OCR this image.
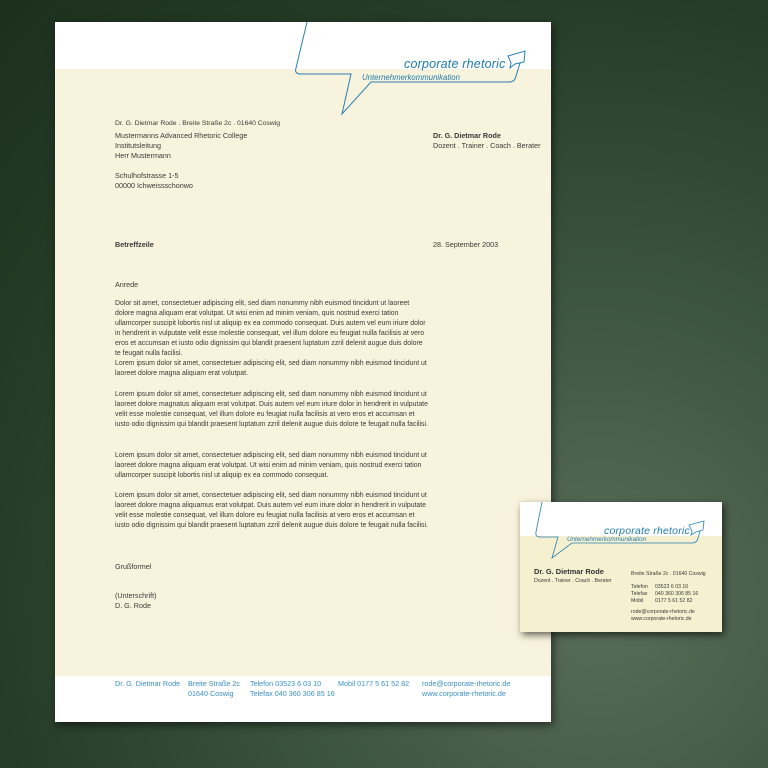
corporate rhetoric
Unternehmerkommunikation
Dr. G. Dietmar Rode . Breite Straße 2c . 01640 Coswig
Mustermanns Advanced Rhetoric College
Institutsleitung
Herr Mustermann
Schulhofstrasse 1-5
00000 Ichweissschonwo
Dr. G. Dietmar Rode
Dozent . Trainer . Coach . Berater
Betreffzeile	28. September 2003
Anrede
Dolor sit amet, consectetuer adipiscing elit, sed diam nonummy nibh euismod tincidunt ut laoreet dolore magna aliquam erat volutpat. Ut wisi enim ad minim veniam, quis nostrud exerci tation ullamcorper suscipit lobortis nisl ut aliquip ex ea commodo consequat. Duis autem vel eum iriure dolor in hendrerit in vulputate velit esse molestie consequat, vel illum dolore eu feugiat nulla facilisis at vero eros et accumsan et iusto odio dignissim qui blandit praesent luptatum zzril delenit augue duis dolore te feugait nulla facilisi.
Lorem ipsum dolor sit amet, consectetuer adipiscing elit, sed diam nonummy nibh euismod tincidunt ut laoreet dolore magna aliquam erat volutpat.
Lorem ipsum dolor sit amet, consectetuer adipiscing elit, sed diam nonummy nibh euismod tincidunt ut laoreet dolore magnatus aliquam erat volutpat. Duis autem vel eum iriure dolor in hendrerit in vulputate velit esse molestie consequat, vel illum dolore eu feugiat nulla facilisis at vero eros et accumsan et iusto odio dignissim qui blandit praesent luptatum zzril delenit augue duis dolore te feugait nulla facilisi.
Lorem ipsum dolor sit amet, consectetuer adipiscing elit, sed diam nonummy nibh euismod tincidunt ut laoreet dolore magna aliquam erat volutpat. Ut wisi enim ad minim veniam, quis nostrud exerci tation ullamcorper suscipit lobortis nisl ut aliquip ex ea commodo consequat.
Lorem ipsum dolor sit amet, consectetuer adipiscing elit, sed diam nonummy nibh euismod tincidunt ut laoreet dolore magna aliquamus erat volutpat. Duis autem vel eum iriure dolor in hendrerit in vulputate velit esse molestie consequat, vel illum dolore eu feugiat nulla facilisis at vero eros et accumsan et iusto odio dignissim qui blandit praesent luptatum zzril delenit augue duis dolore te feugait nulla facilisi.
Grußformel
(Unterschrift)
D. G. Rode
Dr. G. Dietmar Rode Breite Straße 2c
01640 Coswig
Telefon 03523 6 03 10
Telefax 040 360 306 85 16
Mobil 0177 5 61 52 82 rode@corporate-rhetoric.de
www.corporate-rhetoric.de
corporate rhetoric
Unternehmerkommunikation
Dr. G. Dietmar Rode
Dozent . Trainer . Coach . Berater
Breite Straße 2c . 01640 Coswig
Telefon 03523 6 03 10
Telefax 040 360 306 85 16
Mobil 0177 5 61 52 82
rode@corporate-rhetoric.de
www.corporate-rhetoric.de
